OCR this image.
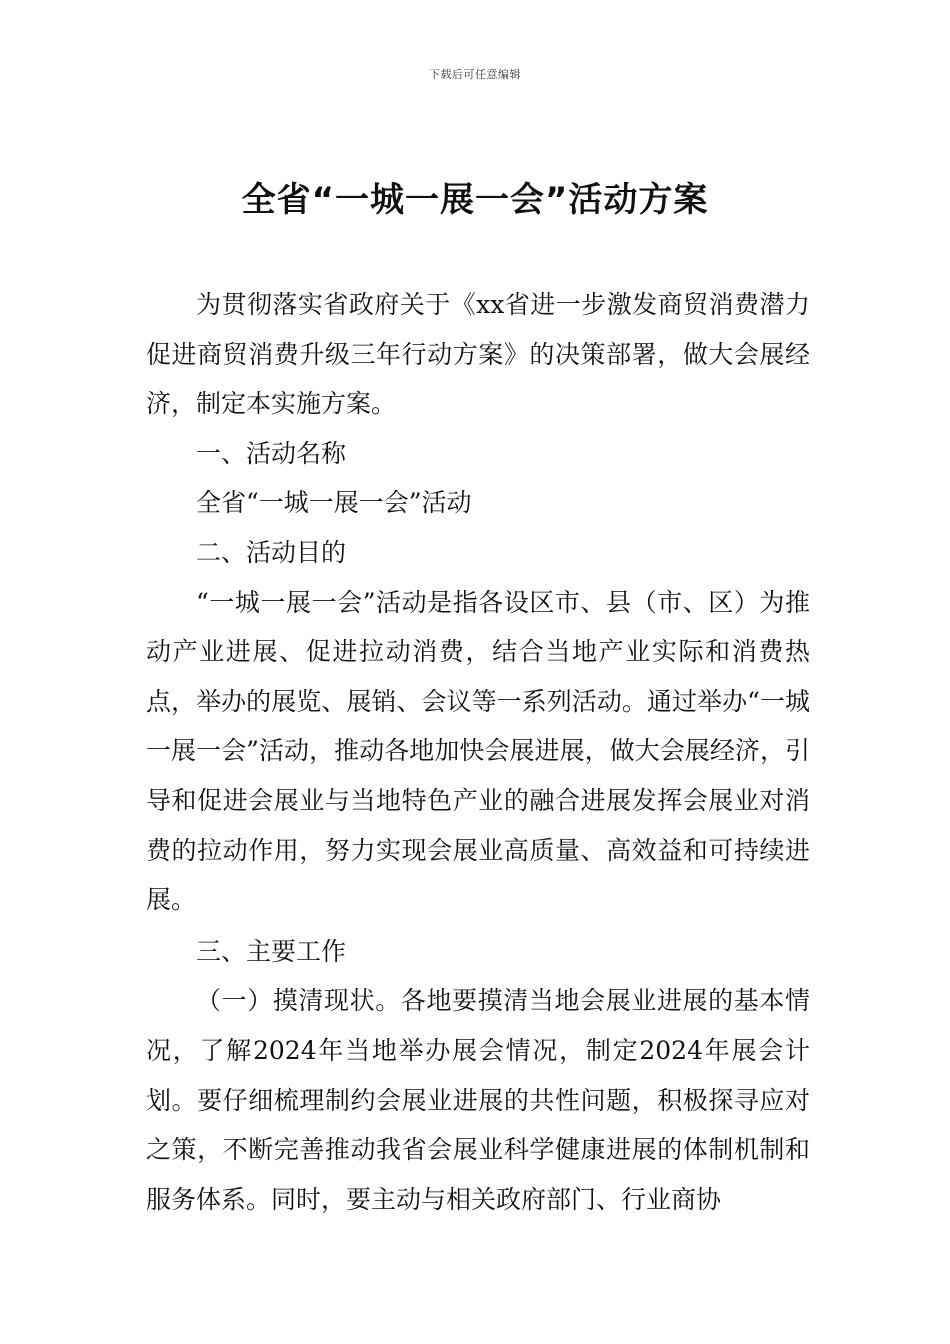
下载后可任意编辑
全省“一城一展一会”活动方案

为贯彻落实省政府关于《xx省进一步激发商贸消费潜力促进商贸消费升级三年行动方案》的决策部署，做大会展经济，制定本实施方案。

一、活动名称

全省“一城一展一会”活动

二、活动目的

“一城一展一会”活动是指各设区市、县（市、区）为推动产业进展、促进拉动消费，结合当地产业实际和消费热点，举办的展览、展销、会议等一系列活动。通过举办“一城一展一会”活动，推动各地加快会展进展，做大会展经济，引导和促进会展业与当地特色产业的融合进展发挥会展业对消费的拉动作用，努力实现会展业高质量、高效益和可持续进展。

三、主要工作

（一）摸清现状。各地要摸清当地会展业进展的基本情况，了解2024年当地举办展会情况，制定2024年展会计划。要仔细梳理制约会展业进展的共性问题，积极探寻应对之策，不断完善推动我省会展业科学健康进展的体制机制和服务体系。同时，要主动与相关政府部门、行业商协
